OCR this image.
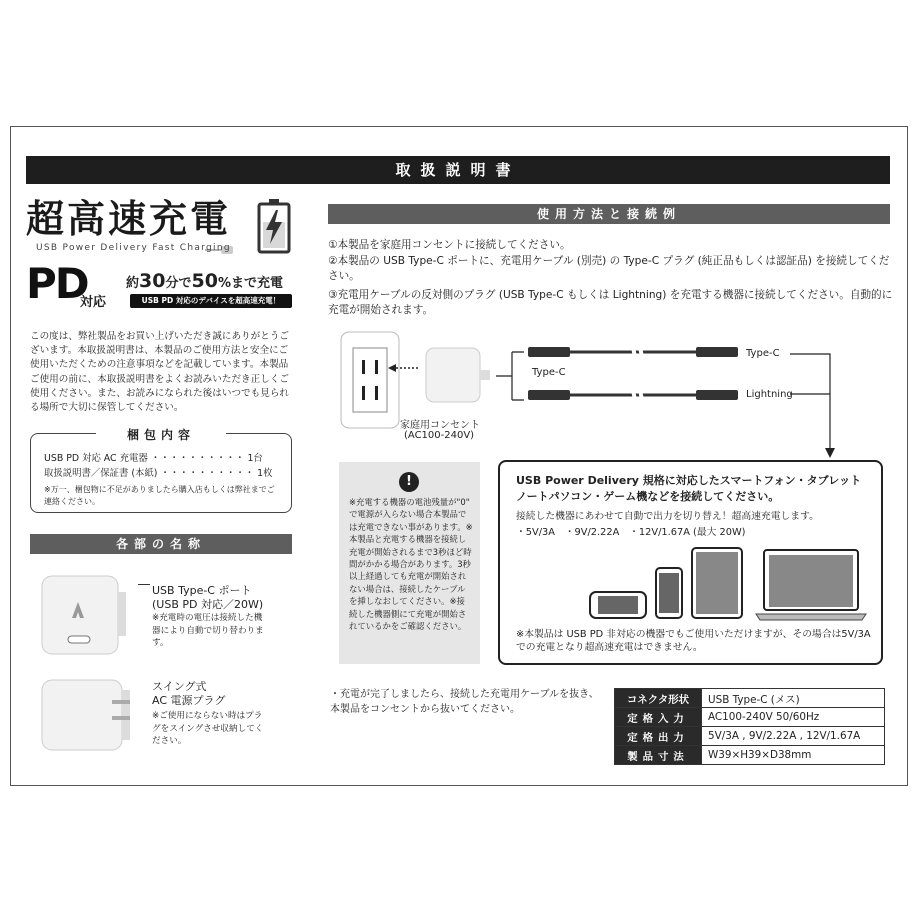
取扱説明書
超高速充電
USB Power Delivery Fast Charging
PD
対応
約30分で50%まで充電
USB PD 対応のデバイスを超高速充電！
この度は、弊社製品をお買い上げいただき誠にありがとうございます。本取扱説明書は、本製品のご使用方法と安全にご使用いただくための注意事項などを記載しています。本製品ご使用の前に、本取扱説明書をよくお読みいただき正しくご使用ください。また、お読みになられた後はいつでも見られる場所で大切に保管してください。
梱包内容
USB PD 対応 AC 充電器 ・・・・・・・・・・ 1台
取扱説明書／保証書 (本紙) ・・・・・・・・・・ 1枚
※万一、梱包物に不足がありましたら購入店もしくは弊社までご連絡ください。
各部の名称
USB Type-C ポート
(USB PD 対応／20W)
※充電時の電圧は接続した機器により自動で切り替わります。
スイング式
AC 電源プラグ
※ご使用にならない時はプラグをスイングさせ収納してください。
使用方法と接続例
①本製品を家庭用コンセントに接続してください。
②本製品の USB Type-C ポートに、充電用ケーブル (別売) の Type-C プラグ (純正品もしくは認証品) を接続してください。
③充電用ケーブルの反対側のプラグ (USB Type-C もしくは Lightning) を充電する機器に接続してください。自動的に充電が開始されます。
家庭用コンセント
(AC100-240V)
Type-C
Type-C
Lightning
!
※充電する機器の電池残量が"0" で電源が入らない場合本製品では充電できない事があります。※本製品と充電する機器を接続し充電が開始されるまで3秒ほど時間がかかる場合があります。3秒以上経過しても充電が開始されない場合は、接続したケーブルを挿しなおしてください。※接続した機器側にて充電が開始されているかをご確認ください。
USB Power Delivery 規格に対応したスマートフォン・タブレット
ノートパソコン・ゲーム機などを接続してください。
接続した機器にあわせて自動で出力を切り替え！超高速充電します。
・5V/3A　・9V/2.22A　・12V/1.67A (最大 20W)
※本製品は USB PD 非対応の機器でもご使用いただけますが、その場合は5V/3A での充電となり超高速充電はできません。
・充電が完了しましたら、接続した充電用ケーブルを抜き、本製品をコンセントから抜いてください。
コネクタ形状	USB Type-C (メス)
定格入力	AC100-240V 50/60Hz
定格出力	5V/3A , 9V/2.22A , 12V/1.67A
製品寸法	W39×H39×D38mm
